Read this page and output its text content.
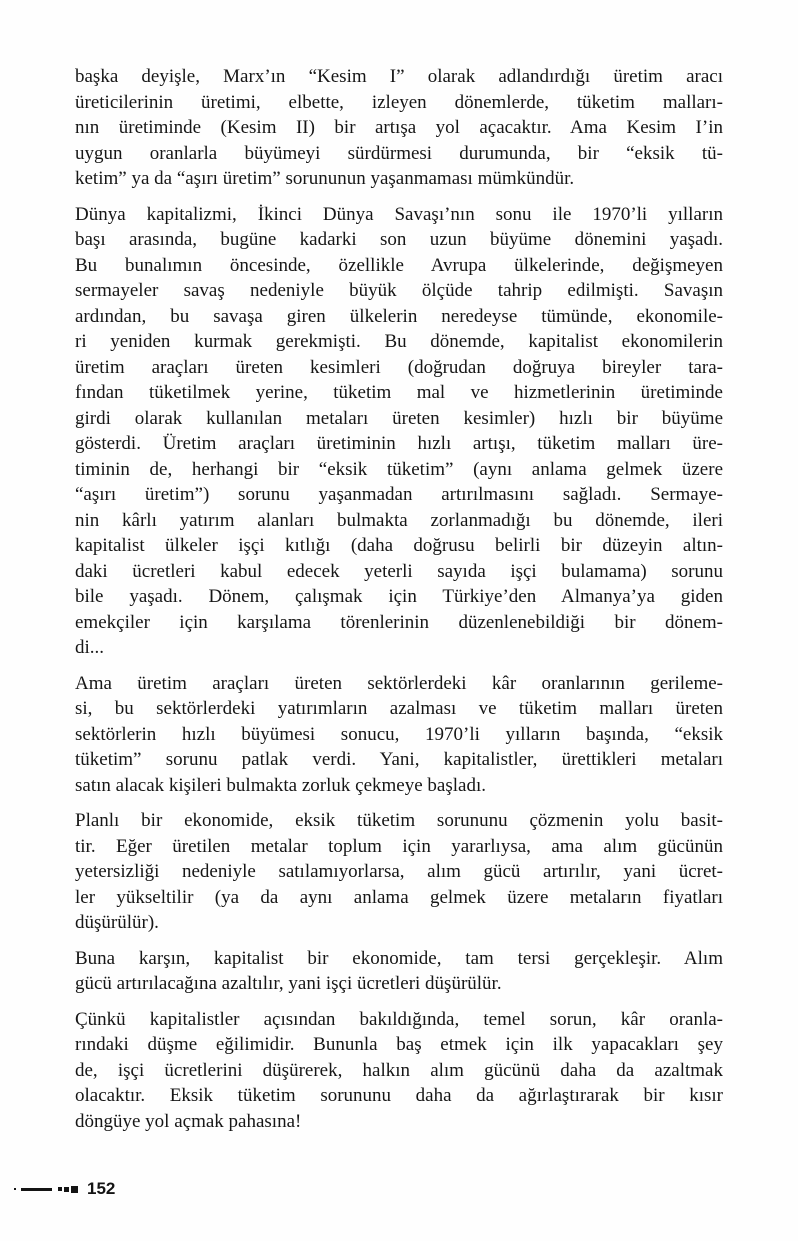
başka deyişle, Marx’ın “Kesim I” olarak adlandırdığı üretim aracı
üreticilerinin üretimi, elbette, izleyen dönemlerde, tüketim malları-
nın üretiminde (Kesim II) bir artışa yol açacaktır. Ama Kesim I’in
uygun oranlarla büyümeyi sürdürmesi durumunda, bir “eksik tü-
ketim” ya da “aşırı üretim” sorununun yaşanmaması mümkündür.
Dünya kapitalizmi, İkinci Dünya Savaşı’nın sonu ile 1970’li yılların
başı arasında, bugüne kadarki son uzun büyüme dönemini yaşadı.
Bu bunalımın öncesinde, özellikle Avrupa ülkelerinde, değişmeyen
sermayeler savaş nedeniyle büyük ölçüde tahrip edilmişti. Savaşın
ardından, bu savaşa giren ülkelerin neredeyse tümünde, ekonomile-
ri yeniden kurmak gerekmişti. Bu dönemde, kapitalist ekonomilerin
üretim araçları üreten kesimleri (doğrudan doğruya bireyler tara-
fından tüketilmek yerine, tüketim mal ve hizmetlerinin üretiminde
girdi olarak kullanılan metaları üreten kesimler) hızlı bir büyüme
gösterdi. Üretim araçları üretiminin hızlı artışı, tüketim malları üre-
timinin de, herhangi bir “eksik tüketim” (aynı anlama gelmek üzere
“aşırı üretim”) sorunu yaşanmadan artırılmasını sağladı. Sermaye-
nin kârlı yatırım alanları bulmakta zorlanmadığı bu dönemde, ileri
kapitalist ülkeler işçi kıtlığı (daha doğrusu belirli bir düzeyin altın-
daki ücretleri kabul edecek yeterli sayıda işçi bulamama) sorunu
bile yaşadı. Dönem, çalışmak için Türkiye’den Almanya’ya giden
emekçiler için karşılama törenlerinin düzenlenebildiği bir dönem-
di...
Ama üretim araçları üreten sektörlerdeki kâr oranlarının gerileme-
si, bu sektörlerdeki yatırımların azalması ve tüketim malları üreten
sektörlerin hızlı büyümesi sonucu, 1970’li yılların başında, “eksik
tüketim” sorunu patlak verdi. Yani, kapitalistler, ürettikleri metaları
satın alacak kişileri bulmakta zorluk çekmeye başladı.
Planlı bir ekonomide, eksik tüketim sorununu çözmenin yolu basit-
tir. Eğer üretilen metalar toplum için yararlıysa, ama alım gücünün
yetersizliği nedeniyle satılamıyorlarsa, alım gücü artırılır, yani ücret-
ler yükseltilir (ya da aynı anlama gelmek üzere metaların fiyatları
düşürülür).
Buna karşın, kapitalist bir ekonomide, tam tersi gerçekleşir. Alım
gücü artırılacağına azaltılır, yani işçi ücretleri düşürülür.
Çünkü kapitalistler açısından bakıldığında, temel sorun, kâr oranla-
rındaki düşme eğilimidir. Bununla baş etmek için ilk yapacakları şey
de, işçi ücretlerini düşürerek, halkın alım gücünü daha da azaltmak
olacaktır. Eksik tüketim sorununu daha da ağırlaştırarak bir kısır
döngüye yol açmak pahasına!
152
